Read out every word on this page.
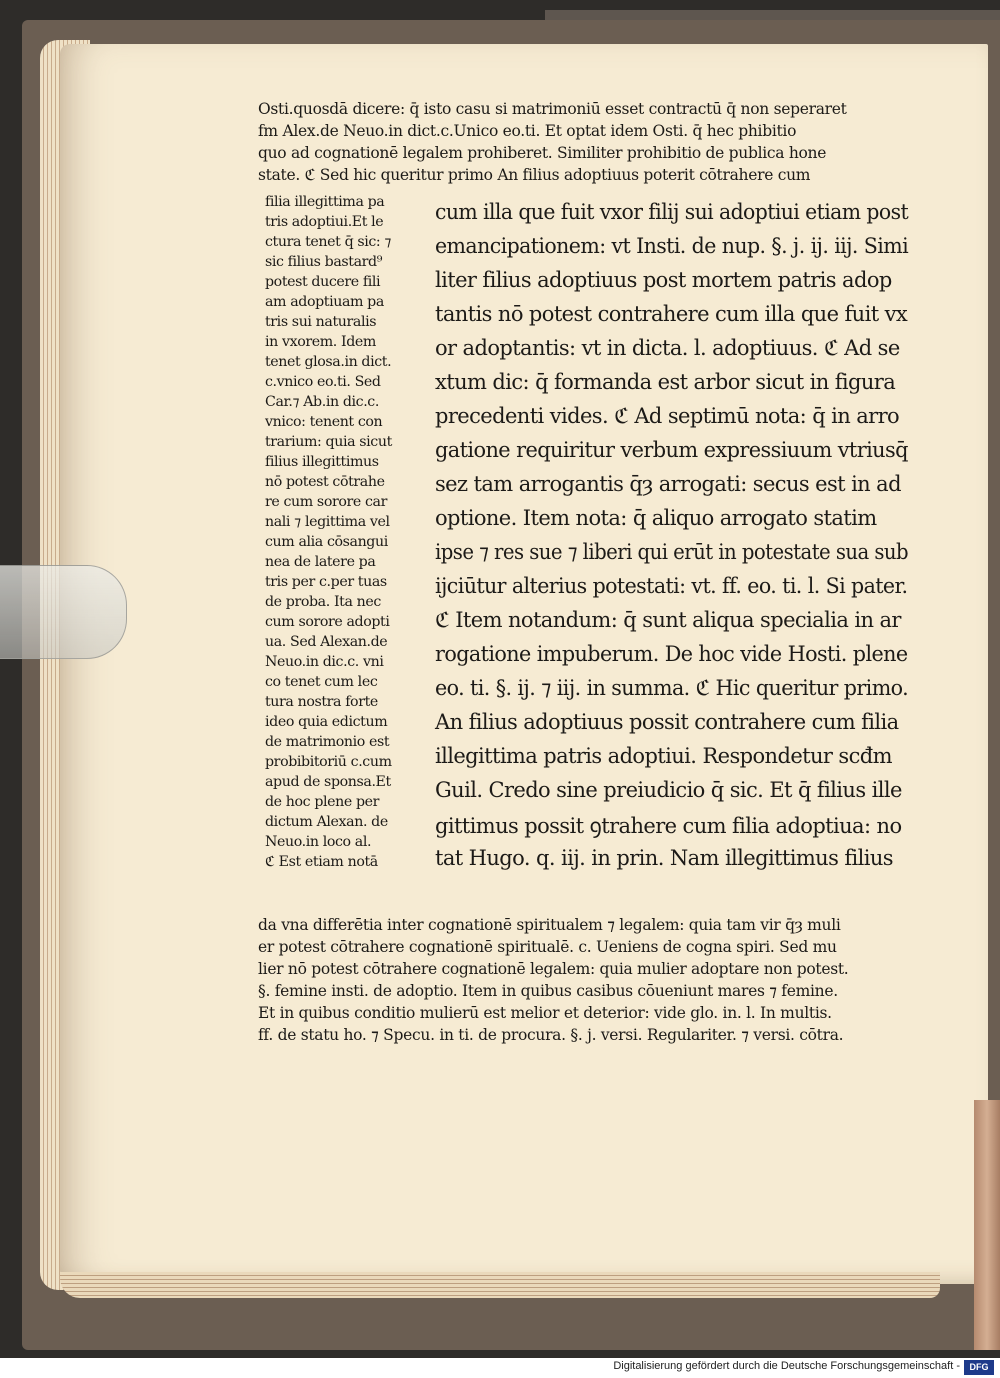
Osti.quosdā dicere: q̄ isto casu si matrimoniū esset contractū q̄ non seperaret

fm Alex.de Neuo.in dict.c.Unico eo.ti. Et optat idem Osti. q̄ hec phibitio

quo ad cognationē legalem prohiberet. Similiter prohibitio de publica hone

state. ℭ Sed hic queritur primo An filius adoptiuus poterit cōtrahere cum

filia illegittima pa

tris adoptiui.Et le

ctura tenet q̄ sic: ⁊

sic filius bastard⁹

potest ducere fili

am adoptiuam pa

tris sui naturalis

in vxorem. Idem

tenet glosa.in dict.

c.vnico eo.ti. Sed

Car.⁊ Ab.in dic.c.

vnico: tenent con

trarium: quia sicut

filius illegittimus

nō potest cōtrahe

re cum sorore car

nali ⁊ legittima vel

cum alia cōsangui

nea de latere pa

tris per c.per tuas

de proba. Ita nec

cum sorore adopti

ua. Sed Alexan.de

Neuo.in dic.c. vni

co tenet cum lec

tura nostra forte

ideo quia edictum

de matrimonio est

probibitoriū c.cum

apud de sponsa.Et

de hoc plene per

dictum Alexan. de

Neuo.in loco al.

ℭ Est etiam notā

cum illa que fuit vxor filij sui adoptiui etiam post

emancipationem: vt Insti. de nup. §. j. ij. iij. Simi

liter filius adoptiuus post mortem patris adop

tantis nō potest contrahere cum illa que fuit vx

or adoptantis: vt in dicta. l. adoptiuus. ℭ Ad se

xtum dic: q̄ formanda est arbor sicut in figura

precedenti vides. ℭ Ad septimū nota: q̄ in arro

gatione requiritur verbum expressiuum vtriusq̄

sez tam arrogantis q̄ȝ arrogati: secus est in ad

optione. Item nota: q̄ aliquo arrogato statim

ipse ⁊ res sue ⁊ liberi qui erūt in potestate sua sub

ijciūtur alterius potestati: vt. ff. eo. ti. l. Si pater.

ℭ Item notandum: q̄ sunt aliqua specialia in ar

rogatione impuberum. De hoc vide Hosti. plene

eo. ti. §. ij. ⁊ iij. in summa. ℭ Hic queritur primo.

An filius adoptiuus possit contrahere cum filia

illegittima patris adoptiui. Respondetur scđm

Guil. Credo sine preiudicio q̄ sic. Et q̄ filius ille

gittimus possit ꝯtrahere cum filia adoptiua: no

tat Hugo. q. iij. in prin. Nam illegittimus filius

da vna differētia inter cognationē spiritualem ⁊ legalem: quia tam vir q̄ȝ muli

er potest cōtrahere cognationē spiritualē. c. Ueniens de cogna spiri. Sed mu

lier nō potest cōtrahere cognationē legalem: quia mulier adoptare non potest.

§. femine insti. de adoptio. Item in quibus casibus cōueniunt mares ⁊ femine.

Et in quibus conditio mulierū est melior et deterior: vide glo. in. l. In multis.

ff. de statu ho. ⁊ Specu. in ti. de procura. §. j. versi. Regulariter. ⁊ versi. cōtra.

Digitalisierung gefördert durch die Deutsche Forschungsgemeinschaft -	DFG
